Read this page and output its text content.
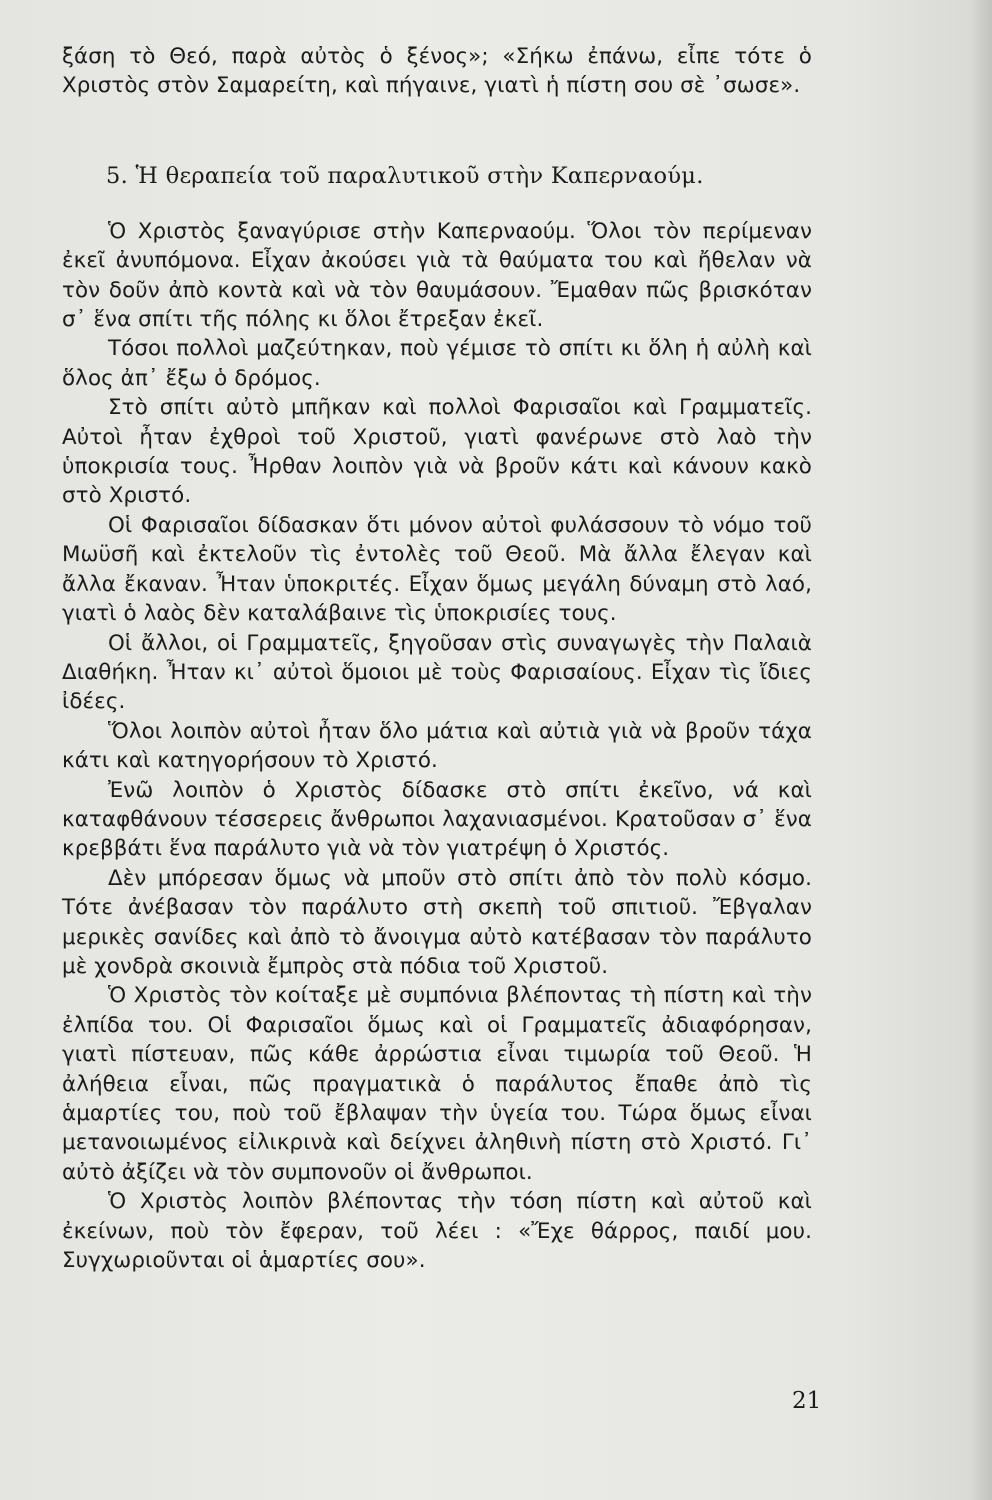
ξάση τὸ Θεό, παρὰ αὐτὸς ὁ ξένος»; «Σήκω ἐπάνω, εἶπε τότε ὁ Χριστὸς στὸν Σαμαρείτη, καὶ πήγαινε, γιατὶ ἡ πίστη σου σὲ ᾿σωσε».

5. Ἡ θεραπεία τοῦ παραλυτικοῦ στὴν Καπερναούμ.

Ὁ Χριστὸς ξαναγύρισε στὴν Καπερναούμ. Ὅλοι τὸν περίμεναν ἐκεῖ ἀνυπόμονα. Εἶχαν ἀκούσει γιὰ τὰ θαύματα του καὶ ἤθελαν νὰ τὸν δοῦν ἀπὸ κοντὰ καὶ νὰ τὸν θαυμάσουν. Ἔμαθαν πῶς βρισκόταν σ᾿ ἕνα σπίτι τῆς πόλης κι ὅλοι ἔτρεξαν ἐκεῖ.

Τόσοι πολλοὶ μαζεύτηκαν, ποὺ γέμισε τὸ σπίτι κι ὅλη ἡ αὐλὴ καὶ ὅλος ἀπ᾿ ἔξω ὁ δρόμος.

Στὸ σπίτι αὐτὸ μπῆκαν καὶ πολλοὶ Φαρισαῖοι καὶ Γραμματεῖς. Αὐτοὶ ἦταν ἐχθροὶ τοῦ Χριστοῦ, γιατὶ φανέρωνε στὸ λαὸ τὴν ὑποκρισία τους. Ἦρθαν λοιπὸν γιὰ νὰ βροῦν κάτι καὶ κάνουν κακὸ στὸ Χριστό.

Οἱ Φαρισαῖοι δίδασκαν ὅτι μόνον αὐτοὶ φυλάσσουν τὸ νόμο τοῦ Μωϋσῆ καὶ ἐκτελοῦν τὶς ἐντολὲς τοῦ Θεοῦ. Μὰ ἄλλα ἔλεγαν καὶ ἄλλα ἔκαναν. Ἦταν ὑποκριτές. Εἶχαν ὅμως μεγάλη δύναμη στὸ λαό, γιατὶ ὁ λαὸς δὲν καταλάβαινε τὶς ὑποκρισίες τους.

Οἱ ἄλλοι, οἱ Γραμματεῖς, ξηγοῦσαν στὶς συναγωγὲς τὴν Παλαιὰ Διαθήκη. Ἦταν κι᾿ αὐτοὶ ὅμοιοι μὲ τοὺς Φαρισαίους. Εἶχαν τὶς ἴδιες ἰδέες.

Ὅλοι λοιπὸν αὐτοὶ ἦταν ὅλο μάτια καὶ αὐτιὰ γιὰ νὰ βροῦν τάχα κάτι καὶ κατηγορήσουν τὸ Χριστό.

Ἐνῶ λοιπὸν ὁ Χριστὸς δίδασκε στὸ σπίτι ἐκεῖνο, νά καὶ καταφθάνουν τέσσερεις ἄνθρωποι λαχανιασμένοι. Κρατοῦσαν σ᾿ ἕνα κρεββάτι ἕνα παράλυτο γιὰ νὰ τὸν γιατρέψη ὁ Χριστός.

Δὲν μπόρεσαν ὅμως νὰ μποῦν στὸ σπίτι ἀπὸ τὸν πολὺ κόσμο. Τότε ἀνέβασαν τὸν παράλυτο στὴ σκεπὴ τοῦ σπιτιοῦ. Ἔβγαλαν μερικὲς σανίδες καὶ ἀπὸ τὸ ἄνοιγμα αὐτὸ κατέβασαν τὸν παράλυτο μὲ χονδρὰ σκοινιὰ ἔμπρὸς στὰ πόδια τοῦ Χριστοῦ.

Ὁ Χριστὸς τὸν κοίταξε μὲ συμπόνια βλέποντας τὴ πίστη καὶ τὴν ἐλπίδα του. Οἱ Φαρισαῖοι ὅμως καὶ οἱ Γραμματεῖς ἀδιαφόρησαν, γιατὶ πίστευαν, πῶς κάθε ἀρρώστια εἶναι τιμωρία τοῦ Θεοῦ. Ἡ ἀλήθεια εἶναι, πῶς πραγματικὰ ὁ παράλυτος ἔπαθε ἀπὸ τὶς ἁμαρτίες του, ποὺ τοῦ ἔβλαψαν τὴν ὑγεία του. Τώρα ὅμως εἶναι μετανοιωμένος εἰλικρινὰ καὶ δείχνει ἀληθινὴ πίστη στὸ Χριστό. Γι᾿ αὐτὸ ἀξίζει νὰ τὸν συμπονοῦν οἱ ἄνθρωποι.

Ὁ Χριστὸς λοιπὸν βλέποντας τὴν τόση πίστη καὶ αὐτοῦ καὶ ἐκείνων, ποὺ τὸν ἔφεραν, τοῦ λέει : «Ἔχε θάρρος, παιδί μου. Συγχωριοῦνται οἱ ἁμαρτίες σου».

21
